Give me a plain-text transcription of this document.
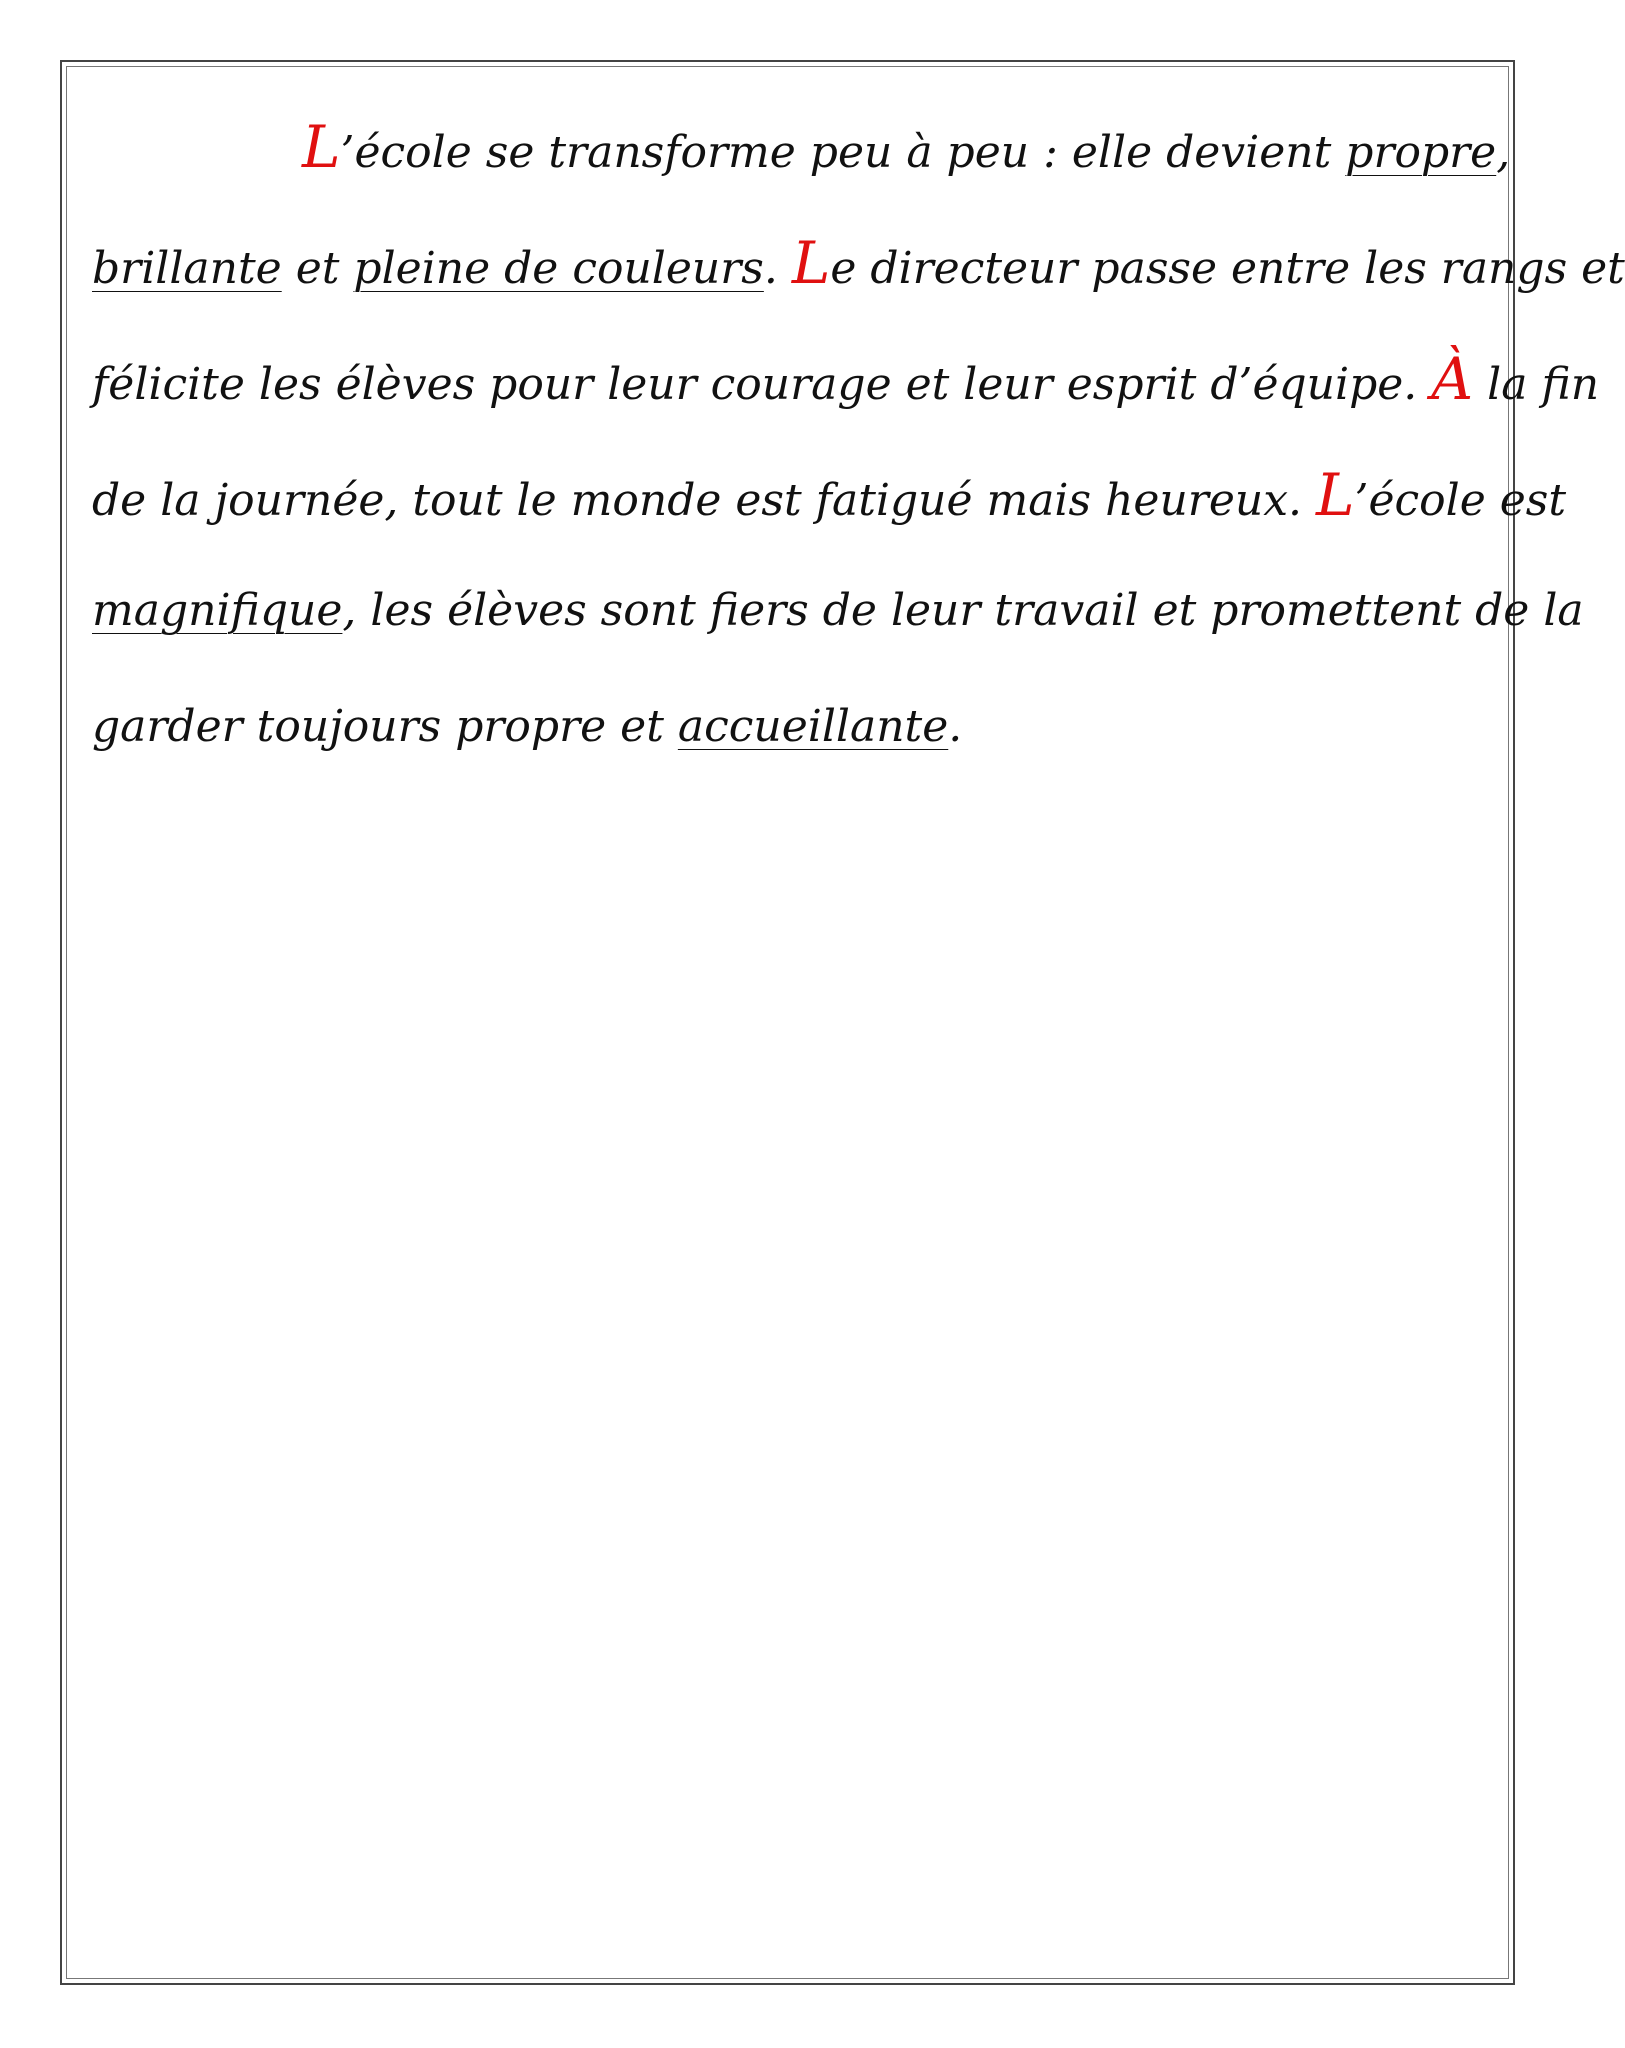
L’école se transforme peu à peu : elle devient propre,
brillante et pleine de couleurs. Le directeur passe entre les rangs et
félicite les élèves pour leur courage et leur esprit d’équipe. À la fin
de la journée, tout le monde est fatigué mais heureux. L’école est
magnifique, les élèves sont fiers de leur travail et promettent de la
garder toujours propre et accueillante.
